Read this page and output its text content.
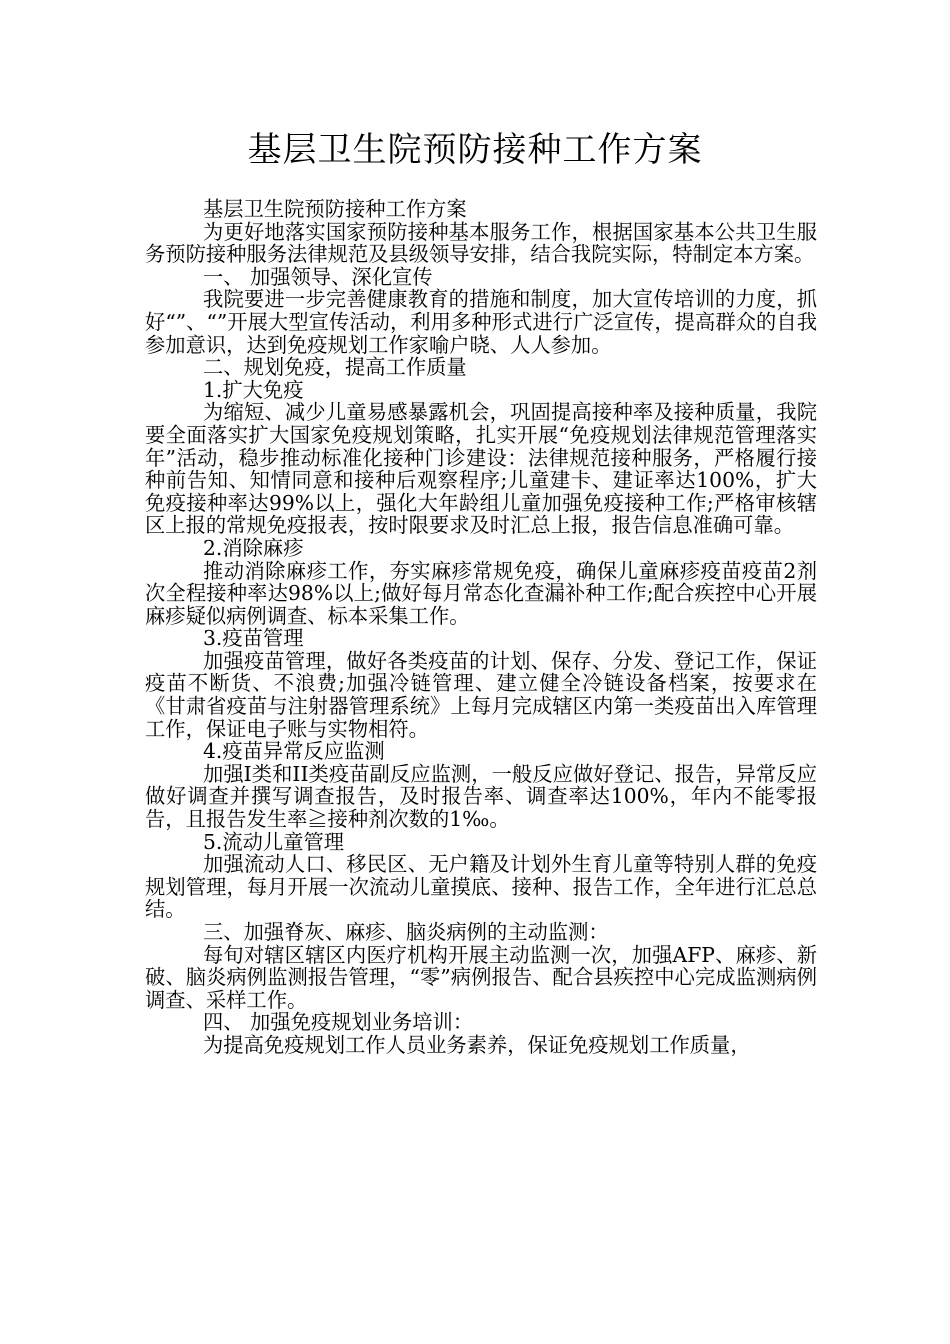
基层卫生院预防接种工作方案

基层卫生院预防接种工作方案

为更好地落实国家预防接种基本服务工作，根据国家基本公共卫生服务预防接种服务法律规范及县级领导安排，结合我院实际，特制定本方案。

一、 加强领导、深化宣传

我院要进一步完善健康教育的措施和制度，加大宣传培训的力度，抓好“”、“”开展大型宣传活动，利用多种形式进行广泛宣传，提高群众的自我参加意识，达到免疫规划工作家喻户晓、人人参加。

二、规划免疫，提高工作质量

1.扩大免疫

为缩短、减少儿童易感暴露机会，巩固提高接种率及接种质量，我院要全面落实扩大国家免疫规划策略，扎实开展“免疫规划法律规范管理落实年”活动，稳步推动标准化接种门诊建设：法律规范接种服务，严格履行接种前告知、知情同意和接种后观察程序;儿童建卡、建证率达100%，扩大免疫接种率达99%以上，强化大年龄组儿童加强免疫接种工作;严格审核辖区上报的常规免疫报表，按时限要求及时汇总上报，报告信息准确可靠。

2.消除麻疹

推动消除麻疹工作，夯实麻疹常规免疫，确保儿童麻疹疫苗疫苗2剂次全程接种率达98%以上;做好每月常态化查漏补种工作;配合疾控中心开展麻疹疑似病例调查、标本采集工作。

3.疫苗管理

加强疫苗管理，做好各类疫苗的计划、保存、分发、登记工作，保证疫苗不断货、不浪费;加强冷链管理、建立健全冷链设备档案，按要求在《甘肃省疫苗与注射器管理系统》上每月完成辖区内第一类疫苗出入库管理工作，保证电子账与实物相符。

4.疫苗异常反应监测

加强I类和II类疫苗副反应监测，一般反应做好登记、报告，异常反应做好调查并撰写调查报告，及时报告率、调查率达100%，年内不能零报告，且报告发生率≧接种剂次数的1‰。

5.流动儿童管理

加强流动人口、移民区、无户籍及计划外生育儿童等特别人群的免疫规划管理，每月开展一次流动儿童摸底、接种、报告工作，全年进行汇总总结。

三、加强脊灰、麻疹、脑炎病例的主动监测：

每旬对辖区辖区内医疗机构开展主动监测一次，加强AFP、麻疹、新破、脑炎病例监测报告管理，“零”病例报告、配合县疾控中心完成监测病例调查、采样工作。

四、 加强免疫规划业务培训：

为提高免疫规划工作人员业务素养，保证免疫规划工作质量，
